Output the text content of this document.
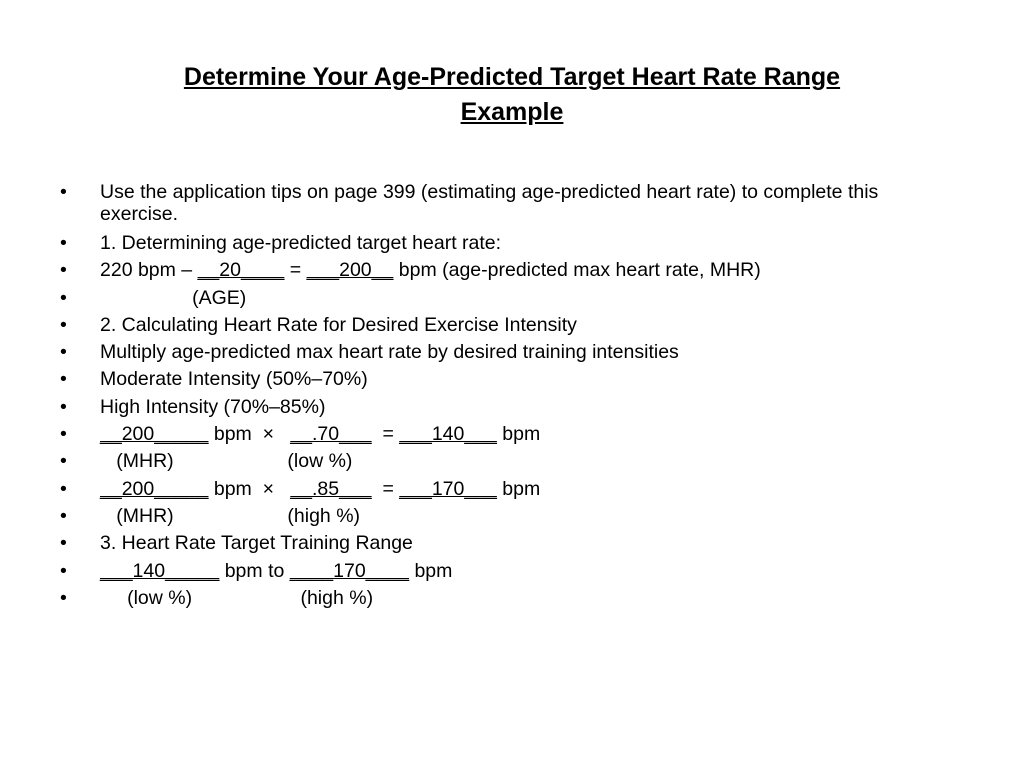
Determine Your Age-Predicted Target Heart Rate Range
Example
• Use the application tips on page 399 (estimating age-predicted heart rate) to complete this exercise.
• 1. Determining age-predicted target heart rate:
• 220 bpm – __20____ = ___200__ bpm (age-predicted max heart rate, MHR)
• (AGE)
• 2. Calculating Heart Rate for Desired Exercise Intensity
• Multiply age-predicted max heart rate by desired training intensities
• Moderate Intensity (50%–70%)
• High Intensity (70%–85%)
• __200_____ bpm  ×   __.70___  = ___140___ bpm
• (MHR)                     (low %)
• __200_____ bpm  ×   __.85___  = ___170___ bpm
• (MHR)                     (high %)
• 3. Heart Rate Target Training Range
• ___140_____ bpm to ____170____ bpm
• (low %)                    (high %)
